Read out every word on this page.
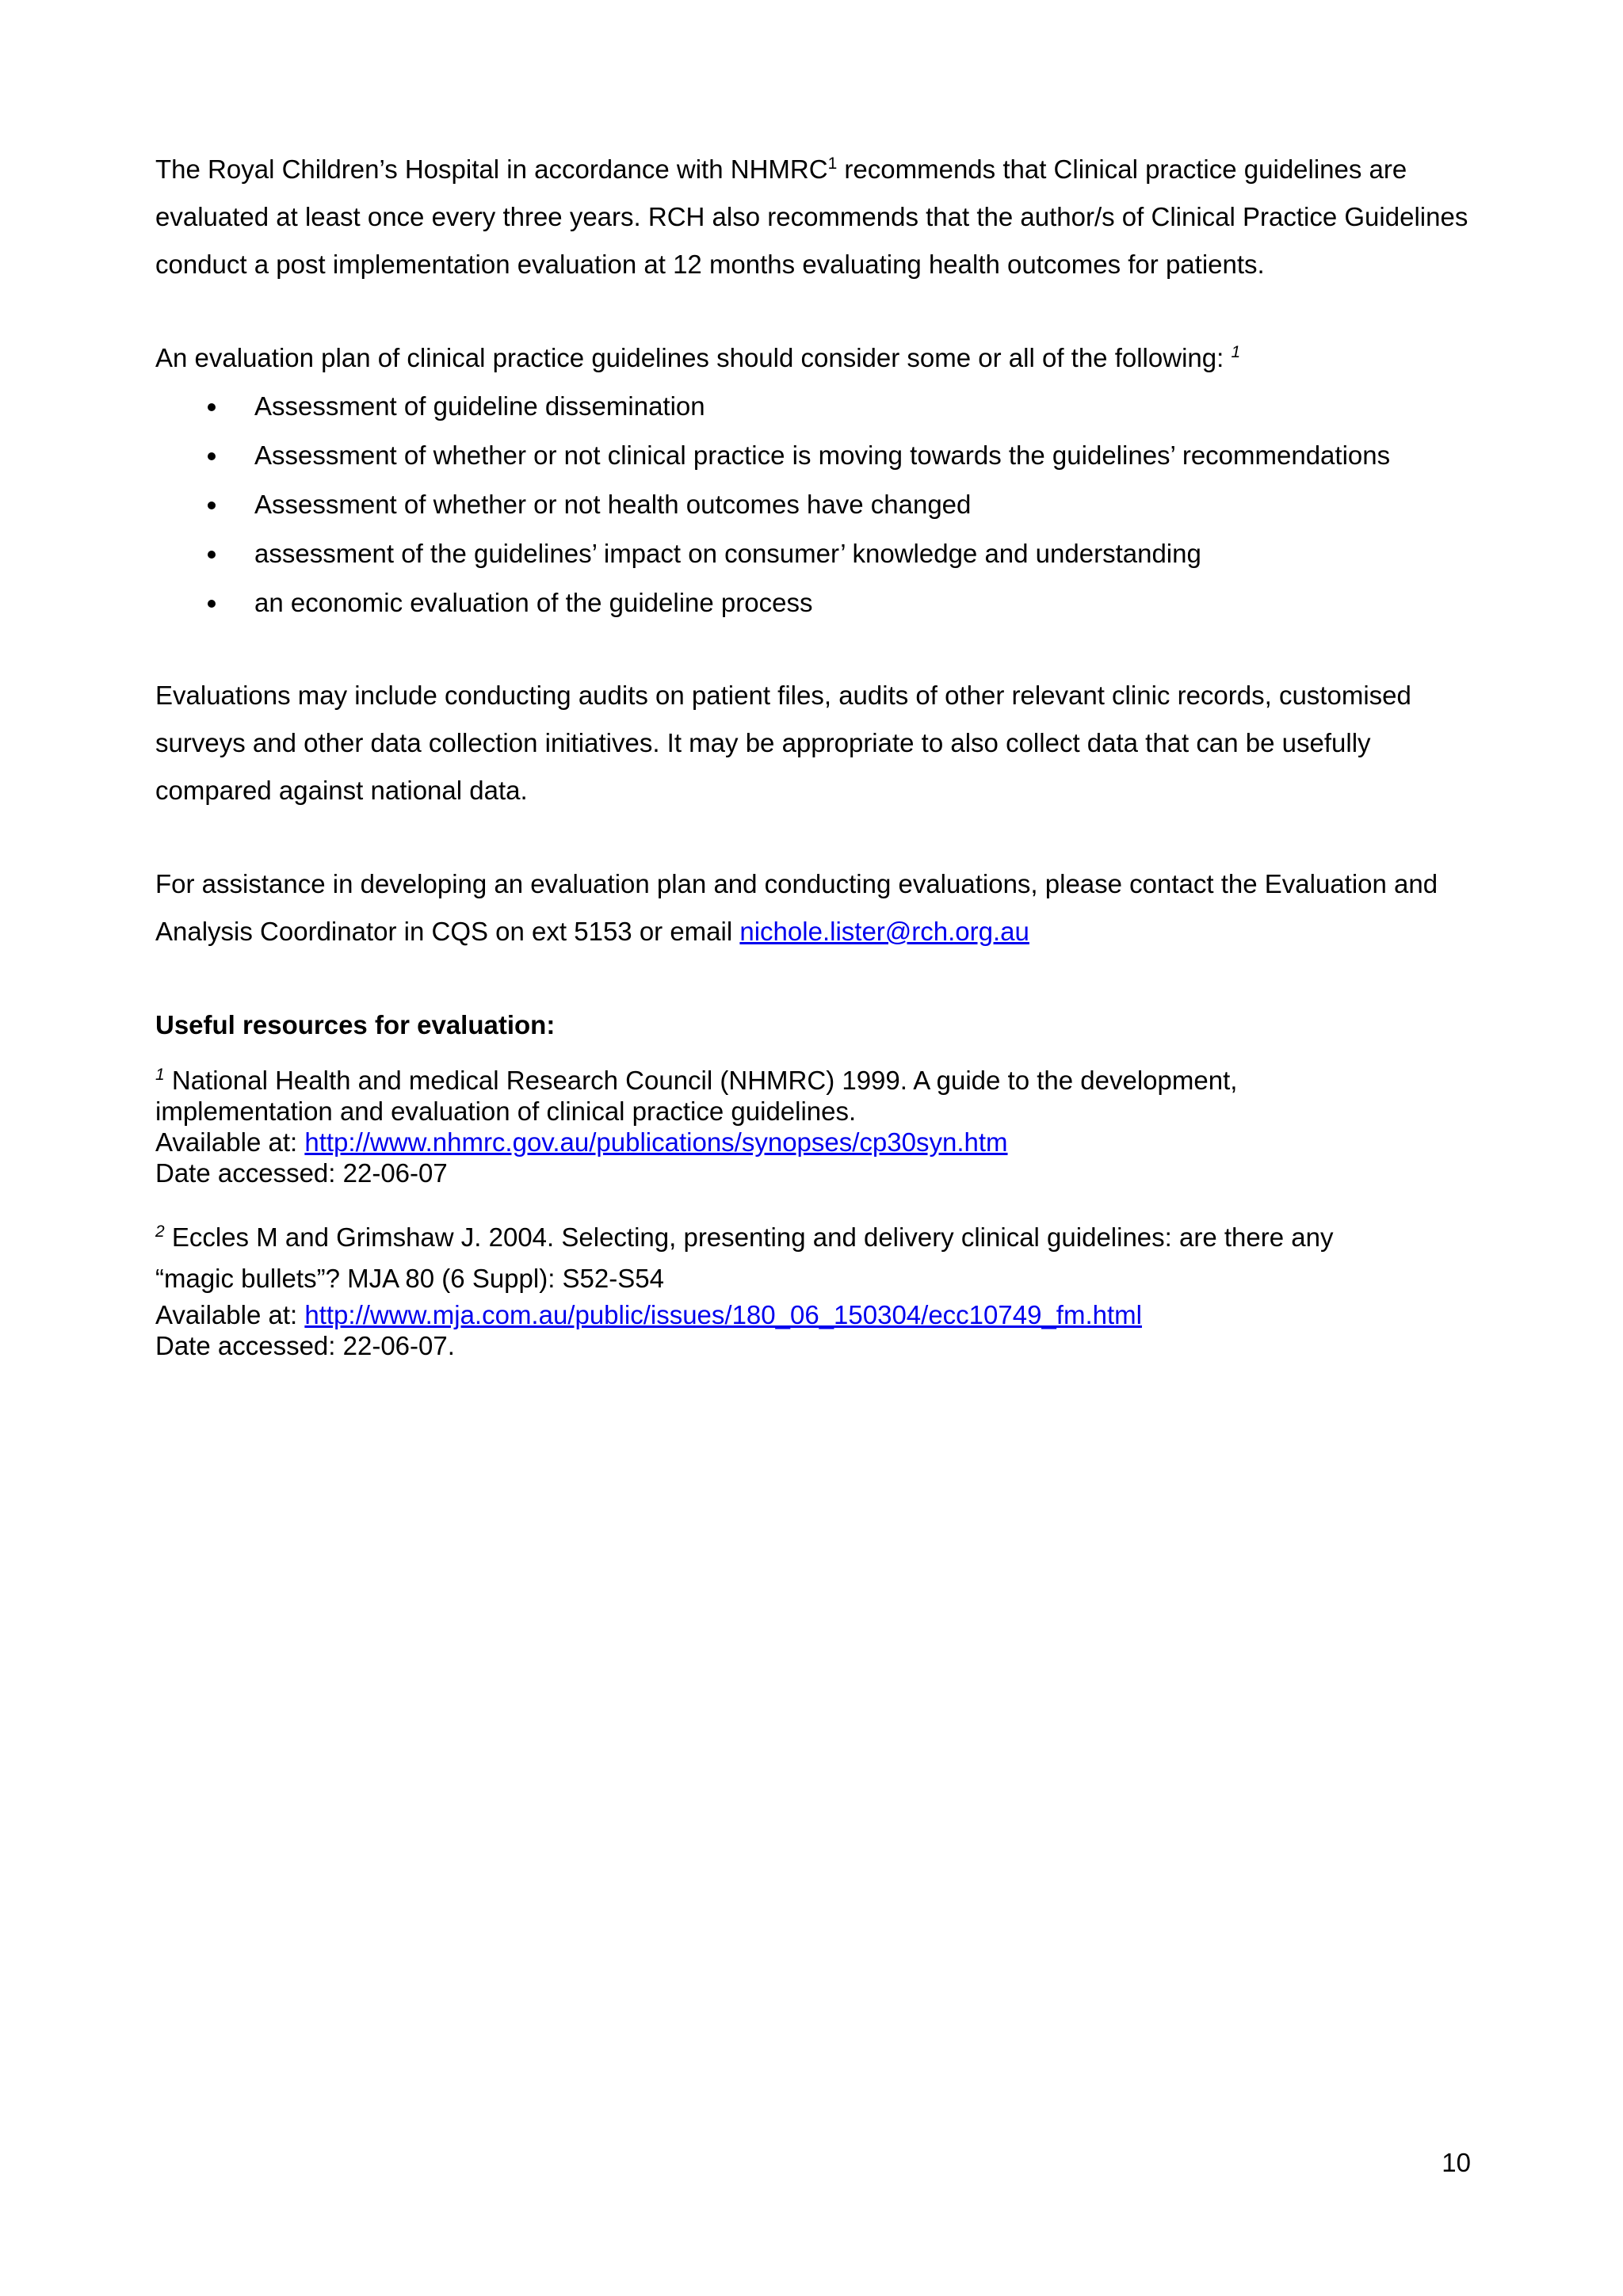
The Royal Children’s Hospital in accordance with NHMRC$^1$ recommends that Clinical practice guidelines are evaluated at least once every three years. RCH also recommends that the author/s of Clinical Practice Guidelines conduct a post implementation evaluation at 12 months evaluating health outcomes for patients.

An evaluation plan of clinical practice guidelines should consider some or all of the following: $^1$

Assessment of guideline dissemination
Assessment of whether or not clinical practice is moving towards the guidelines’ recommendations
Assessment of whether or not health outcomes have changed
assessment of the guidelines’ impact on consumer’ knowledge and understanding
an economic evaluation of the guideline process

Evaluations may include conducting audits on patient files, audits of other relevant clinic records, customised surveys and other data collection initiatives. It may be appropriate to also collect data that can be usefully compared against national data.

For assistance in developing an evaluation plan and conducting evaluations, please contact the Evaluation and Analysis Coordinator in CQS on ext 5153 or email nichole.lister@rch.org.au

Useful resources for evaluation:
$^1$ National Health and medical Research Council (NHMRC) 1999. A guide to the development,
implementation and evaluation of clinical practice guidelines.
Available at: http://www.nhmrc.gov.au/publications/synopses/cp30syn.htm
Date accessed: 22-06-07
$^2$ Eccles M and Grimshaw J. 2004. Selecting, presenting and delivery clinical guidelines: are there any
“magic bullets”? MJA 80 (6 Suppl): S52-S54
Available at: http://www.mja.com.au/public/issues/180_06_150304/ecc10749_fm.html
Date accessed: 22-06-07.
10
